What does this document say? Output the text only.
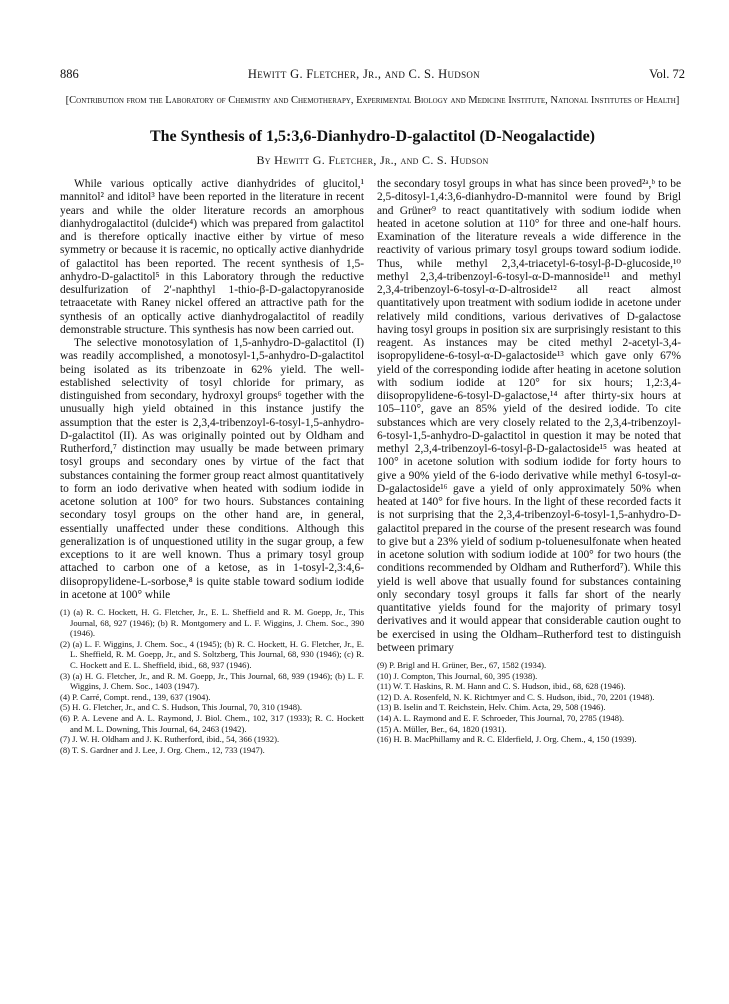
886	Hewitt G. Fletcher, Jr., and C. S. Hudson	Vol. 72
[Contribution from the Laboratory of Chemistry and Chemotherapy, Experimental Biology and Medicine Institute, National Institutes of Health]
The Synthesis of 1,5:3,6-Dianhydro-D-galactitol (D-Neogalactide)
By Hewitt G. Fletcher, Jr., and C. S. Hudson

While various optically active dianhydrides of glucitol,¹ mannitol² and iditol³ have been reported in the literature in recent years and while the older literature records an amorphous dianhydrogalactitol (dulcide⁴) which was prepared from galactitol and is therefore optically inactive either by virtue of meso symmetry or because it is racemic, no optically active dianhydride of galactitol has been reported. The recent synthesis of 1,5-anhydro-D-galactitol⁵ in this Laboratory through the reductive desulfurization of 2′-naphthyl 1-thio-β-D-galactopyranoside tetraacetate with Raney nickel offered an attractive path for the synthesis of an optically active dianhydrogalactitol of readily demonstrable structure. This synthesis has now been carried out.

The selective monotosylation of 1,5-anhydro-D-galactitol (I) was readily accomplished, a monotosyl-1,5-anhydro-D-galactitol being isolated as its tribenzoate in 62% yield. The well-established selectivity of tosyl chloride for primary, as distinguished from secondary, hydroxyl groups⁶ together with the unusually high yield obtained in this instance justify the assumption that the ester is 2,3,4-tribenzoyl-6-tosyl-1,5-anhydro-D-galactitol (II). As was originally pointed out by Oldham and Rutherford,⁷ distinction may usually be made between primary tosyl groups and secondary ones by virtue of the fact that substances containing the former group react almost quantitatively to form an iodo derivative when heated with sodium iodide in acetone solution at 100° for two hours. Substances containing secondary tosyl groups on the other hand are, in general, essentially unaffected under these conditions. Although this generalization is of unquestioned utility in the sugar group, a few exceptions to it are well known. Thus a primary tosyl group attached to carbon one of a ketose, as in 1-tosyl-2,3:4,6-diisopropylidene-L-sorbose,⁸ is quite stable toward sodium iodide in acetone at 100° while

(1) (a) R. C. Hockett, H. G. Fletcher, Jr., E. L. Sheffield and R. M. Goepp, Jr., This Journal, 68, 927 (1946); (b) R. Montgomery and L. F. Wiggins, J. Chem. Soc., 390 (1946).

(2) (a) L. F. Wiggins, J. Chem. Soc., 4 (1945); (b) R. C. Hockett, H. G. Fletcher, Jr., E. L. Sheffield, R. M. Goepp, Jr., and S. Soltzberg, This Journal, 68, 930 (1946); (c) R. C. Hockett and E. L. Sheffield, ibid., 68, 937 (1946).

(3) (a) H. G. Fletcher, Jr., and R. M. Goepp, Jr., This Journal, 68, 939 (1946); (b) L. F. Wiggins, J. Chem. Soc., 1403 (1947).

(4) P. Carré, Compt. rend., 139, 637 (1904).

(5) H. G. Fletcher, Jr., and C. S. Hudson, This Journal, 70, 310 (1948).

(6) P. A. Levene and A. L. Raymond, J. Biol. Chem., 102, 317 (1933); R. C. Hockett and M. L. Downing, This Journal, 64, 2463 (1942).

(7) J. W. H. Oldham and J. K. Rutherford, ibid., 54, 366 (1932).

(8) T. S. Gardner and J. Lee, J. Org. Chem., 12, 733 (1947).

the secondary tosyl groups in what has since been proved²ᵃ,ᵇ to be 2,5-ditosyl-1,4:3,6-dianhydro-D-mannitol were found by Brigl and Grüner⁹ to react quantitatively with sodium iodide when heated in acetone solution at 110° for three and one-half hours. Examination of the literature reveals a wide difference in the reactivity of various primary tosyl groups toward sodium iodide. Thus, while methyl 2,3,4-triacetyl-6-tosyl-β-D-glucoside,¹⁰ methyl 2,3,4-tribenzoyl-6-tosyl-α-D-mannoside¹¹ and methyl 2,3,4-tribenzoyl-6-tosyl-α-D-altroside¹² all react almost quantitatively upon treatment with sodium iodide in acetone under relatively mild conditions, various derivatives of D-galactose having tosyl groups in position six are surprisingly resistant to this reagent. As instances may be cited methyl 2-acetyl-3,4-isopropylidene-6-tosyl-α-D-galactoside¹³ which gave only 67% yield of the corresponding iodide after heating in acetone solution with sodium iodide at 120° for six hours; 1,2:3,4-diisopropylidene-6-tosyl-D-galactose,¹⁴ after thirty-six hours at 105–110°, gave an 85% yield of the desired iodide. To cite substances which are very closely related to the 2,3,4-tribenzoyl-6-tosyl-1,5-anhydro-D-galactitol in question it may be noted that methyl 2,3,4-tribenzoyl-6-tosyl-β-D-galactoside¹⁵ was heated at 100° in acetone solution with sodium iodide for forty hours to give a 90% yield of the 6-iodo derivative while methyl 6-tosyl-α-D-galactoside¹⁶ gave a yield of only approximately 50% when heated at 140° for five hours. In the light of these recorded facts it is not surprising that the 2,3,4-tribenzoyl-6-tosyl-1,5-anhydro-D-galactitol prepared in the course of the present research was found to give but a 23% yield of sodium p-toluenesulfonate when heated in acetone solution with sodium iodide at 100° for two hours (the conditions recommended by Oldham and Rutherford⁷). While this yield is well above that usually found for substances containing only secondary tosyl groups it falls far short of the nearly quantitative yields found for the majority of primary tosyl derivatives and it would appear that considerable caution ought to be exercised in using the Oldham–Rutherford test to distinguish between primary

(9) P. Brigl and H. Grüner, Ber., 67, 1582 (1934).

(10) J. Compton, This Journal, 60, 395 (1938).

(11) W. T. Haskins, R. M. Hann and C. S. Hudson, ibid., 68, 628 (1946).

(12) D. A. Rosenfeld, N. K. Richtmyer and C. S. Hudson, ibid., 70, 2201 (1948).

(13) B. Iselin and T. Reichstein, Helv. Chim. Acta, 29, 508 (1946).

(14) A. L. Raymond and E. F. Schroeder, This Journal, 70, 2785 (1948).

(15) A. Müller, Ber., 64, 1820 (1931).

(16) H. B. MacPhillamy and R. C. Elderfield, J. Org. Chem., 4, 150 (1939).
